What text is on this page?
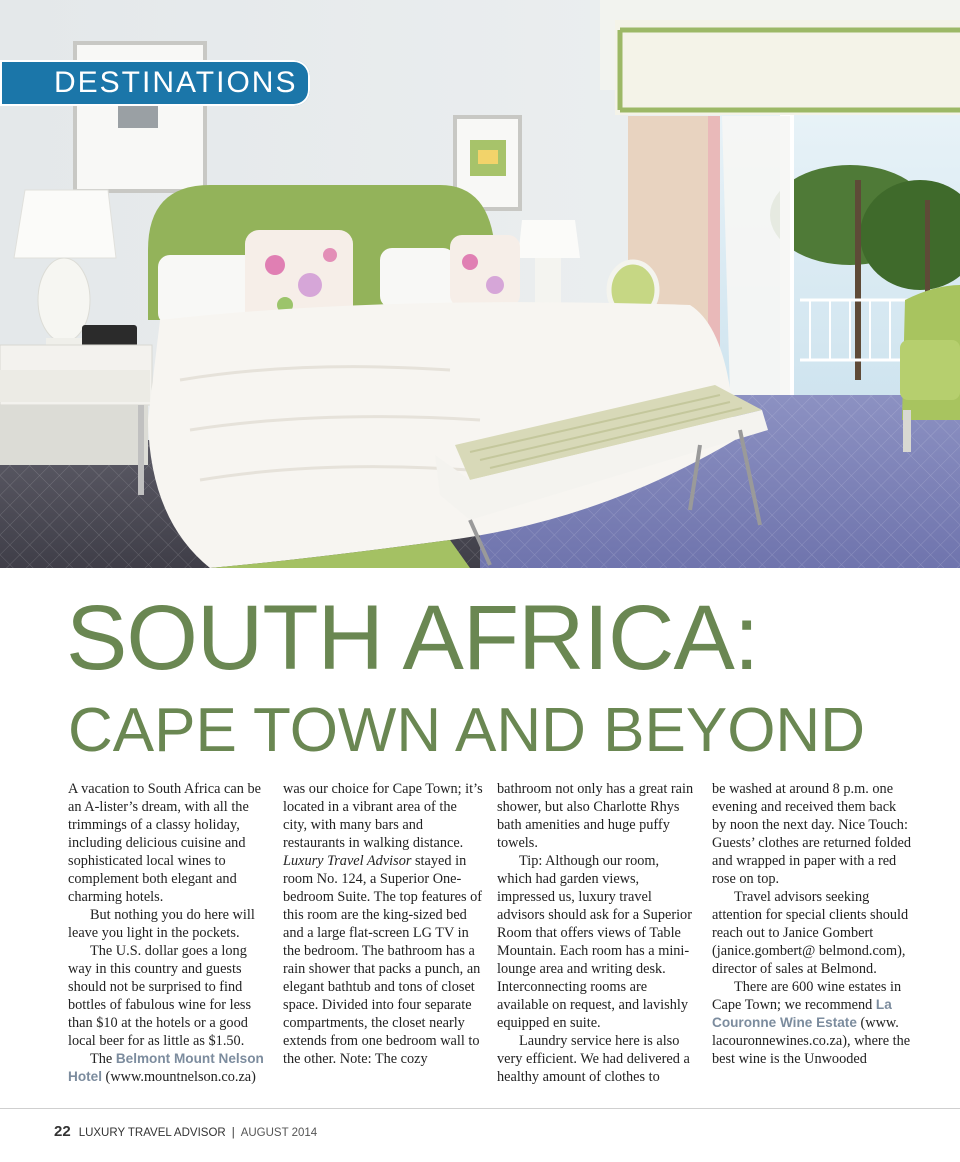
DESTINATIONS
SOUTH AFRICA:
CAPE TOWN AND BEYOND

A vacation to South Africa can be an A-lister’s dream, with all the trimmings of a classy holiday, including delicious cuisine and sophisticated local wines to complement both elegant and charming hotels.

But nothing you do here will leave you light in the pockets.

The U.S. dollar goes a long way in this country and guests should not be surprised to find bottles of fabulous wine for less than $10 at the hotels or a good local beer for as little as $1.50.

The Belmont Mount Nelson Hotel (www.mountnelson.co.za)

was our choice for Cape Town; it’s located in a vibrant area of the city, with many bars and restaurants in walking distance. Luxury Travel Advisor stayed in room No. 124, a Superior One-bedroom Suite. The top features of this room are the king-sized bed and a large flat-screen LG TV in the bedroom. The bathroom has a rain shower that packs a punch, an elegant bathtub and tons of closet space. Divided into four separate compartments, the closet nearly extends from one bedroom wall to the other. Note: The cozy

bathroom not only has a great rain shower, but also Charlotte Rhys bath amenities and huge puffy towels.

Tip: Although our room, which had garden views, impressed us, luxury travel advisors should ask for a Superior Room that offers views of Table Mountain. Each room has a mini-lounge area and writing desk. Interconnecting rooms are available on request, and lavishly equipped en suite.

Laundry service here is also very efficient. We had delivered a healthy amount of clothes to

be washed at around 8 p.m. one evening and received them back by noon the next day. Nice Touch: Guests’ clothes are returned folded and wrapped in paper with a red rose on top.

Travel advisors seeking attention for special clients should reach out to Janice Gombert (janice.gombert@ belmond.com), director of sales at Belmond.

There are 600 wine estates in Cape Town; we recommend La Couronne Wine Estate (www. lacouronnewines.co.za), where the best wine is the Unwooded

22 LUXURY TRAVEL ADVISOR | AUGUST 2014
